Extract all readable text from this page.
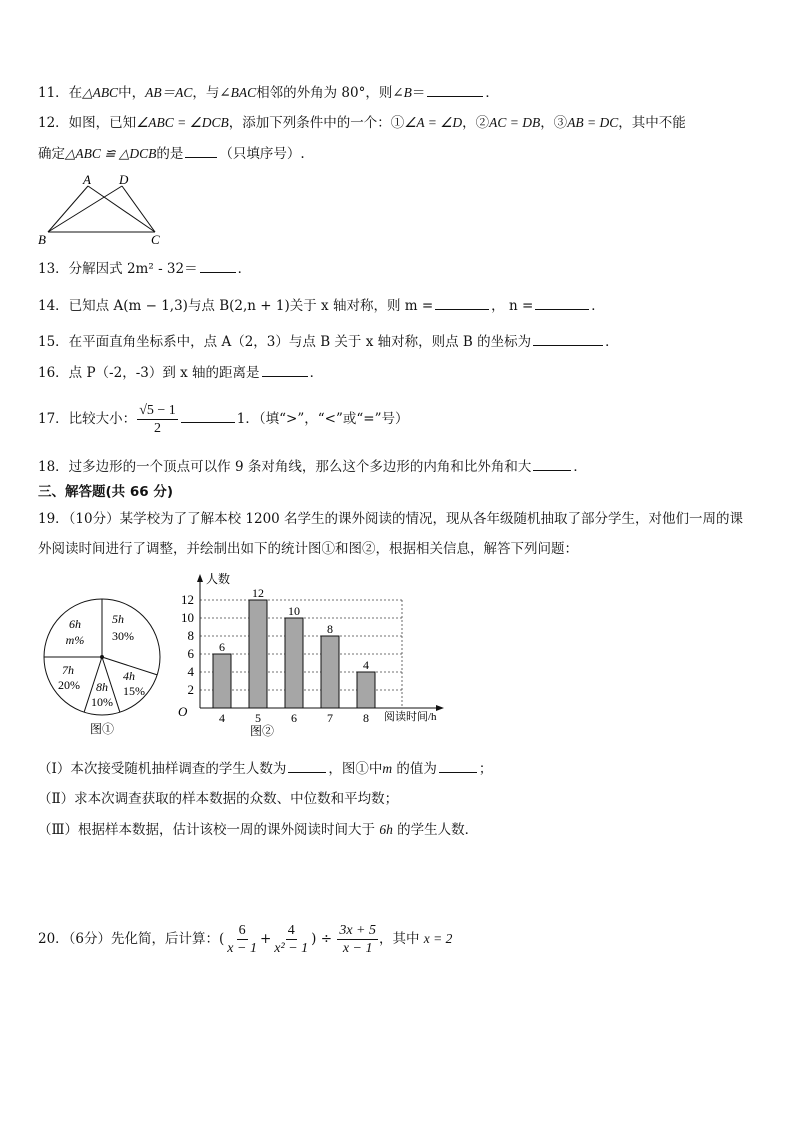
11．在△ABC中，AB＝AC，与∠BAC相邻的外角为 80°，则∠B＝	．
12．如图，已知∠ABC = ∠DCB，添加下列条件中的一个：①∠A = ∠D，②AC = DB，③AB = DC，其中不能
确定△ABC ≌ △DCB的是	（只填序号）.
A D
B	C
13．分解因式 2m² - 32＝	．
14．已知点 A(m − 1,3)与点 B(2,n + 1)关于 x 轴对称，则 m =	， n =	．
15．在平面直角坐标系中，点 A（2，3）与点 B 关于 x 轴对称，则点 B 的坐标为	．
16．点 P（-2，-3）到 x 轴的距离是	．
17．比较大小： $\frac{√5 - 1}{2}$	1．（填“>”，“<”或“=”号）
18．过多边形的一个顶点可以作 9 条对角线，那么这个多边形的内角和比外角和大	．
三、解答题(共 66 分)
19．（10分）某学校为了了解本校 1200 名学生的课外阅读的情况，现从各年级随机抽取了部分学生，对他们一周的课
外阅读时间进行了调整，并绘制出如下的统计图①和图②，根据相关信息，解答下列问题：
5h
30%
4h
15%
8h
10%
7h
20%
6h
m%
图①
6
12
10
8
4
4	5	6	7	8
2
4
6
8
10
12
人数
阅读时间/h
O
图②
（Ⅰ）本次接受随机抽样调查的学生人数为	，图①中m 的值为	；
（Ⅱ）求本次调查获取的样本数据的众数、中位数和平均数；
（Ⅲ）根据样本数据，估计该校一周的课外阅读时间大于 6h 的学生人数．
20．（6分）先化简，后计算：( $\frac{6}{x - 1} + \frac{4}{\text{x² − 1}}$ ) ÷ $\frac{3x + 5}{x - 1}$ ，其中 x = 2
